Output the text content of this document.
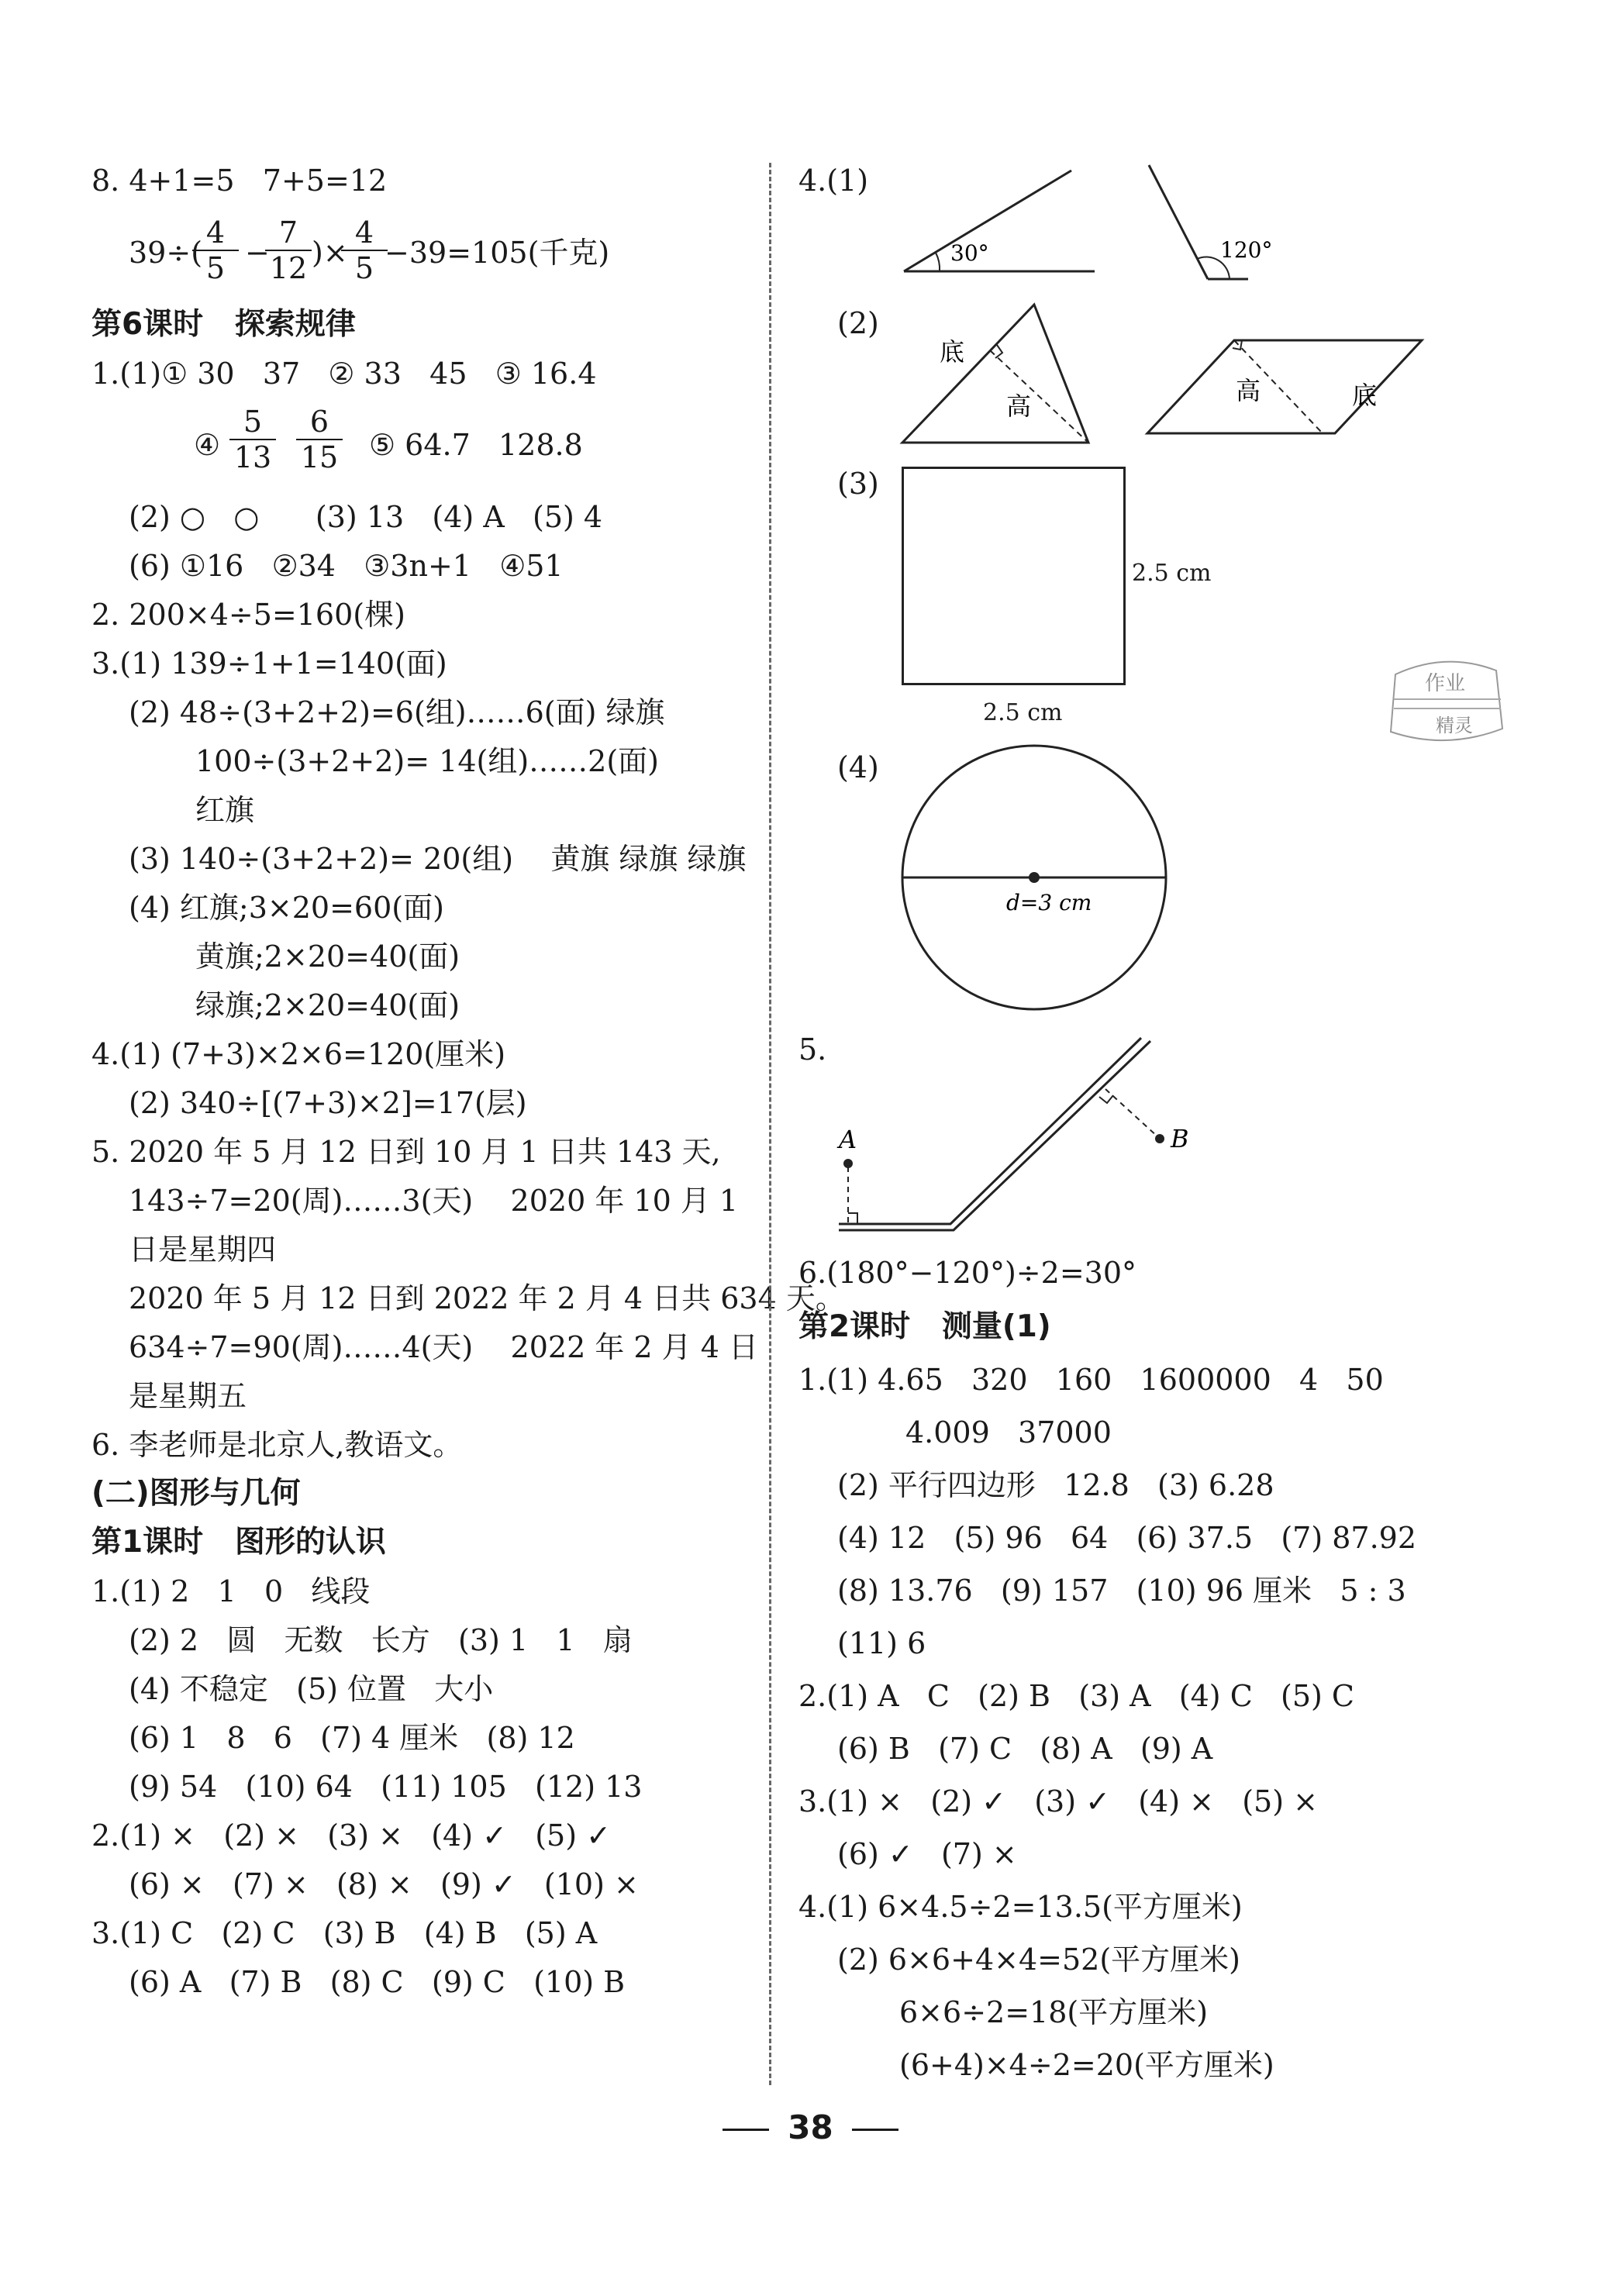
8. 4+1=5   7+5=12
39÷(
$\frac{4}{5}$ −
$\frac{7}{12}$ )×
$\frac{4}{5}$
−39=105(千克)
第6课时   探索规律
1.(1)① 30   37   ② 33   45   ③ 16.4
④ $\frac{5}{13} \frac{6}{15}$ ⑤ 64.7   128.8
(2) ○   ○      (3) 13   (4) A   (5) 4
(6) ①16   ②34   ③3n+1   ④51
2. 200×4÷5=160(棵)
3.(1) 139÷1+1=140(面)
(2) 48÷(3+2+2)=6(组)……6(面) 绿旗
100÷(3+2+2)= 14(组)……2(面)
红旗
(3) 140÷(3+2+2)= 20(组)    黄旗 绿旗 绿旗
(4) 红旗;3×20=60(面)
黄旗;2×20=40(面)
绿旗;2×20=40(面)
4.(1) (7+3)×2×6=120(厘米)
(2) 340÷[(7+3)×2]=17(层)
5. 2020 年 5 月 12 日到 10 月 1 日共 143 天,
143÷7=20(周)……3(天)    2020 年 10 月 1
日是星期四
2020 年 5 月 12 日到 2022 年 2 月 4 日共 634 天。
634÷7=90(周)……4(天)    2022 年 2 月 4 日
是星期五
6. 李老师是北京人,教语文。
(二)图形与几何
第1课时   图形的认识
1.(1) 2   1   0   线段
(2) 2   圆   无数   长方   (3) 1   1   扇
(4) 不稳定   (5) 位置   大小
(6) 1   8   6   (7) 4 厘米   (8) 12
(9) 54   (10) 64   (11) 105   (12) 13
2.(1) ×   (2) ×   (3) ×   (4) ✓   (5) ✓
(6) ×   (7) ×   (8) ×   (9) ✓   (10) ×
3.(1) C   (2) C   (3) B   (4) B   (5) A
(6) A   (7) B   (8) C   (9) C   (10) B
4.(1)
30°	120°
(2)
底
高
高	底
(3)
2.5 cm
2.5 cm
(4)
d=3 cm
5.
A	B
6.(180°−120°)÷2=30°
第2课时   测量(1)
1.(1) 4.65   320   160   1600000   4   50
4.009   37000
(2) 平行四边形   12.8   (3) 6.28
(4) 12   (5) 96   64   (6) 37.5   (7) 87.92
(8) 13.76   (9) 157   (10) 96 厘米   5 : 3
(11) 6
2.(1) A   C   (2) B   (3) A   (4) C   (5) C
(6) B   (7) C   (8) A   (9) A
3.(1) ×   (2) ✓   (3) ✓   (4) ×   (5) ×
(6) ✓   (7) ×
4.(1) 6×4.5÷2=13.5(平方厘米)
(2) 6×6+4×4=52(平方厘米)
6×6÷2=18(平方厘米)
(6+4)×4÷2=20(平方厘米)
作业
精灵
38
